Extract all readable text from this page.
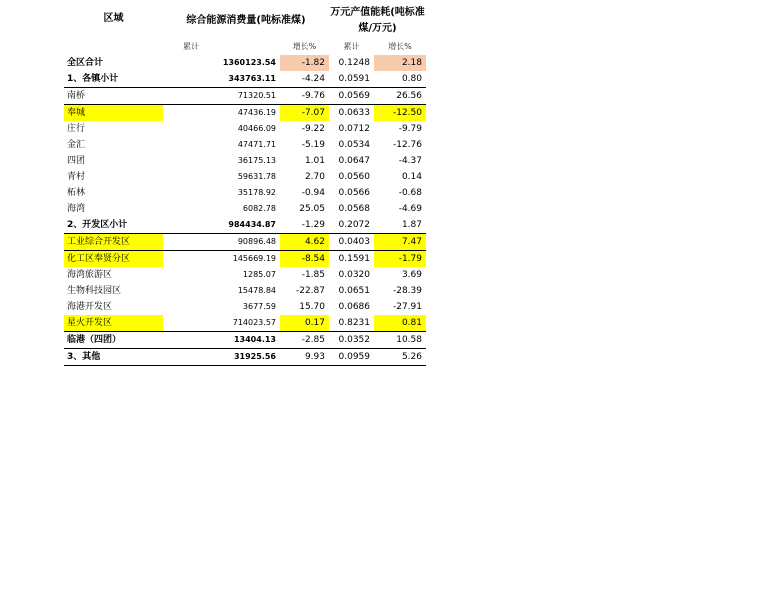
区域	综合能源消费量(吨标准煤)		万元产值能耗(吨标准煤/万元)	
	累计	增长%	累计	增长%
全区合计	1360123.54	-1.82	0.1248	2.18
1、各镇小计	343763.11	-4.24	0.0591	0.80
南桥	71320.51	-9.76	0.0569	26.56
奉城	47436.19	-7.07	0.0633	-12.50
庄行	40466.09	-9.22	0.0712	-9.79
金汇	47471.71	-5.19	0.0534	-12.76
四团	36175.13	1.01	0.0647	-4.37
青村	59631.78	2.70	0.0560	0.14
柘林	35178.92	-0.94	0.0566	-0.68
海湾	6082.78	25.05	0.0568	-4.69
2、开发区小计	984434.87	-1.29	0.2072	1.87
工业综合开发区	90896.48	4.62	0.0403	7.47
化工区奉贤分区	145669.19	-8.54	0.1591	-1.79
海湾旅游区	1285.07	-1.85	0.0320	3.69
生物科技园区	15478.84	-22.87	0.0651	-28.39
海港开发区	3677.59	15.70	0.0686	-27.91
星火开发区	714023.57	0.17	0.8231	0.81
临港（四团）	13404.13	-2.85	0.0352	10.58
3、其他	31925.56	9.93	0.0959	5.26
